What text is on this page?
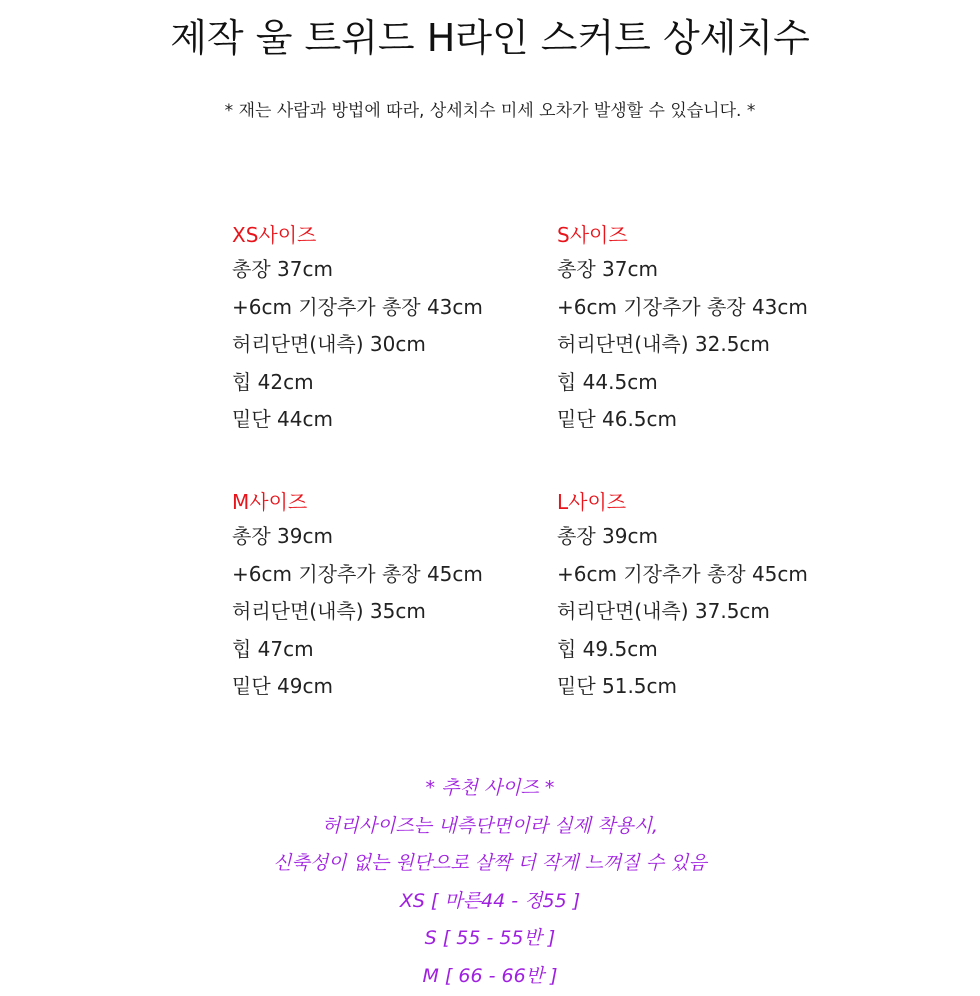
제작 울 트위드 H라인 스커트 상세치수
* 재는 사람과 방법에 따라, 상세치수 미세 오차가 발생할 수 있습니다. *
XS사이즈
총장 37cm
+6cm 기장추가 총장 43cm
허리단면(내측) 30cm
힙 42cm
밑단 44cm
S사이즈
총장 37cm
+6cm 기장추가 총장 43cm
허리단면(내측) 32.5cm
힙 44.5cm
밑단 46.5cm
M사이즈
총장 39cm
+6cm 기장추가 총장 45cm
허리단면(내측) 35cm
힙 47cm
밑단 49cm
L사이즈
총장 39cm
+6cm 기장추가 총장 45cm
허리단면(내측) 37.5cm
힙 49.5cm
밑단 51.5cm
* 추천 사이즈 *
허리사이즈는 내측단면이라 실제 착용시,
신축성이 없는 원단으로 살짝 더 작게 느껴질 수 있음
XS [ 마른44 - 정55 ]
S [ 55 - 55반 ]
M [ 66 - 66반 ]
